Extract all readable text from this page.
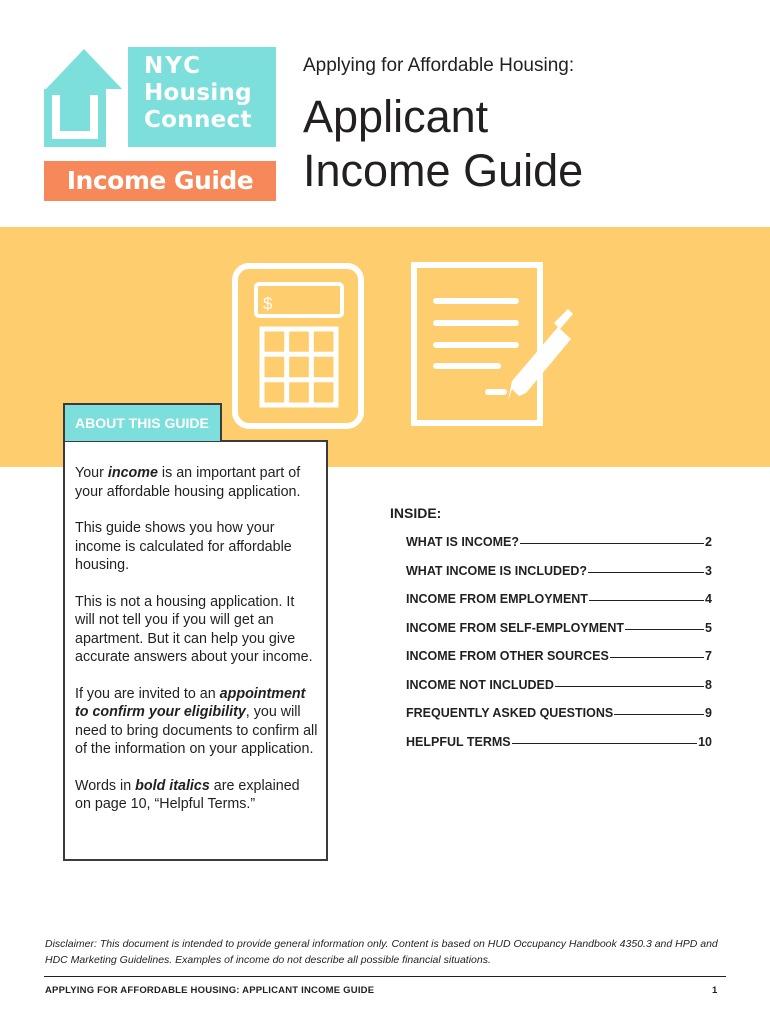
NYC
Housing
Connect
Income Guide
Applying for Affordable Housing:
Applicant
Income Guide
$
ABOUT THIS GUIDE

Your income is an important part of your affordable housing application.

This guide shows you how your income is calculated for affordable housing.

This is not a housing application. It will not tell you if you will get an apartment. But it can help you give accurate answers about your income.

If you are invited to an appointment to confirm your eligibility, you will need to bring documents to confirm all of the information on your application.

Words in bold italics are explained on page 10, “Helpful Terms.”

INSIDE:
WHAT IS INCOME?	2
WHAT INCOME IS INCLUDED?	3
INCOME FROM EMPLOYMENT	4
INCOME FROM SELF-EMPLOYMENT	5
INCOME FROM OTHER SOURCES	7
INCOME NOT INCLUDED	8
FREQUENTLY ASKED QUESTIONS	9
HELPFUL TERMS	10
Disclaimer: This document is intended to provide general information only. Content is based on HUD Occupancy Handbook 4350.3 and HPD and HDC Marketing Guidelines. Examples of income do not describe all possible financial situations.
APPLYING FOR AFFORDABLE HOUSING: APPLICANT INCOME GUIDE	1
